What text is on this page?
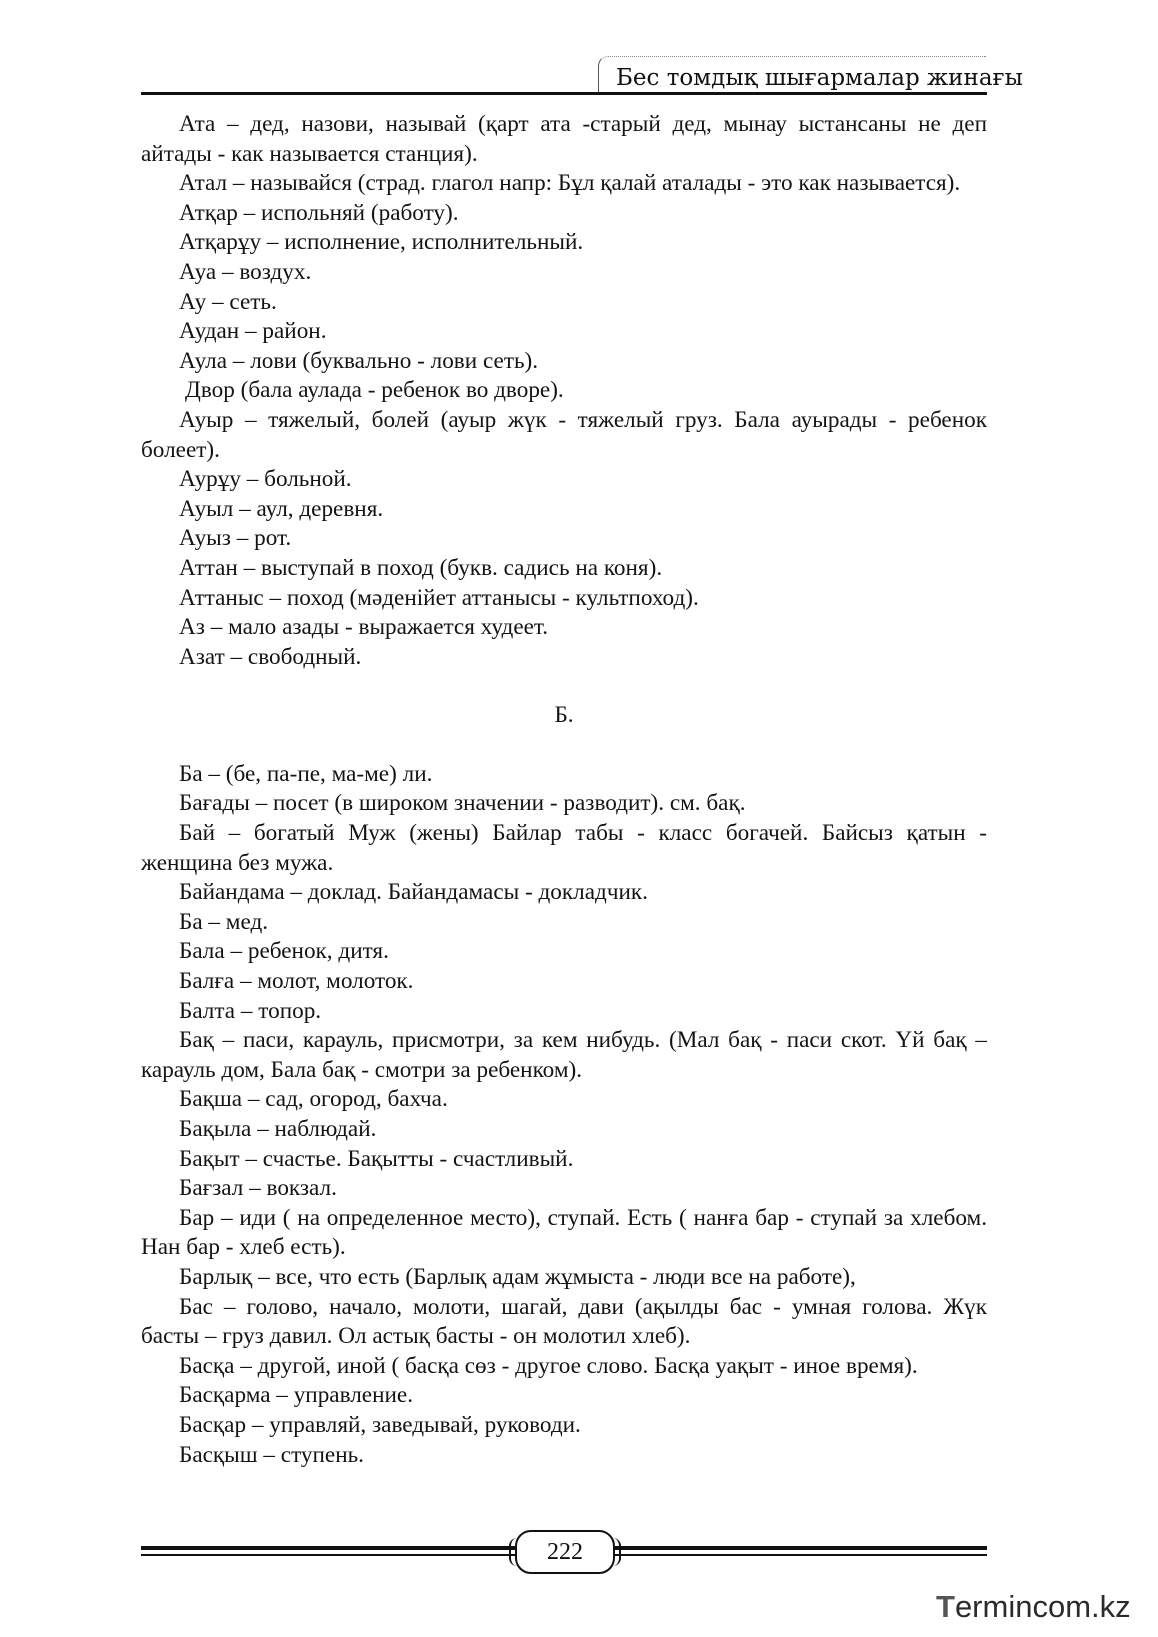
Бес томдық шығармалар жинағы

Ата – дед, назови, называй (қарт ата -старый дед, мынау ыстансаны не деп айтады - как называется станция).

Атал – называйся (страд. глагол напр: Бұл қалай аталады - это как называется).

Атқар – испольняй (работу).

Атқарұу – исполнение, исполнительный.

Ауа – воздух.

Ау – сеть.

Аудан – район.

Аула – лови (буквально - лови сеть).

Двор (бала аулада - ребенок во дворе).

Ауыр – тяжелый, болей (ауыр жүк - тяжелый груз. Бала ауырады - ребенок болеет).

Аурұу – больной.

Ауыл – аул, деревня.

Ауыз – рот.

Аттан – выступай в поход (букв. садись на коня).

Аттаныс – поход (мәденійет аттанысы - культпоход).

Аз – мало азады - выражается худеет.

Азат – свободный.

Б.

Ба – (бе, па-пе, ма-ме) ли.

Бағады – посет (в широком значении - разводит). см. бақ.

Бай – богатый Муж (жены) Байлар табы - класс богачей. Байсыз қатын - женщина без мужа.

Байандама – доклад. Байандамасы - докладчик.

Ба – мед.

Бала – ребенок, дитя.

Балға – молот, молоток.

Балта – топор.

Бақ – паси, карауль, присмотри, за кем нибудь. (Мал бақ - паси скот. Үй бақ – карауль дом, Бала бақ - смотри за ребенком).

Бақша – сад, огород, бахча.

Бақыла – наблюдай.

Бақыт – счастье. Бақытты - счастливый.

Бағзал – вокзал.

Бар – иди ( на определенное место), ступай. Есть ( нанға бар - ступай за хлебом. Нан бар - хлеб есть).

Барлық – все, что есть (Барлық адам жұмыста - люди все на работе),

Бас – голово, начало, молоти, шагай, дави (ақылды бас - умная голова. Жүк басты – груз давил. Ол астық басты - он молотил хлеб).

Басқа – другой, иной ( басқа сөз - другое слово. Басқа уақыт - иное время).

Басқарма – управление.

Басқар – управляй, заведывай, руководи.

Басқыш – ступень.

222
Termincom.kz
